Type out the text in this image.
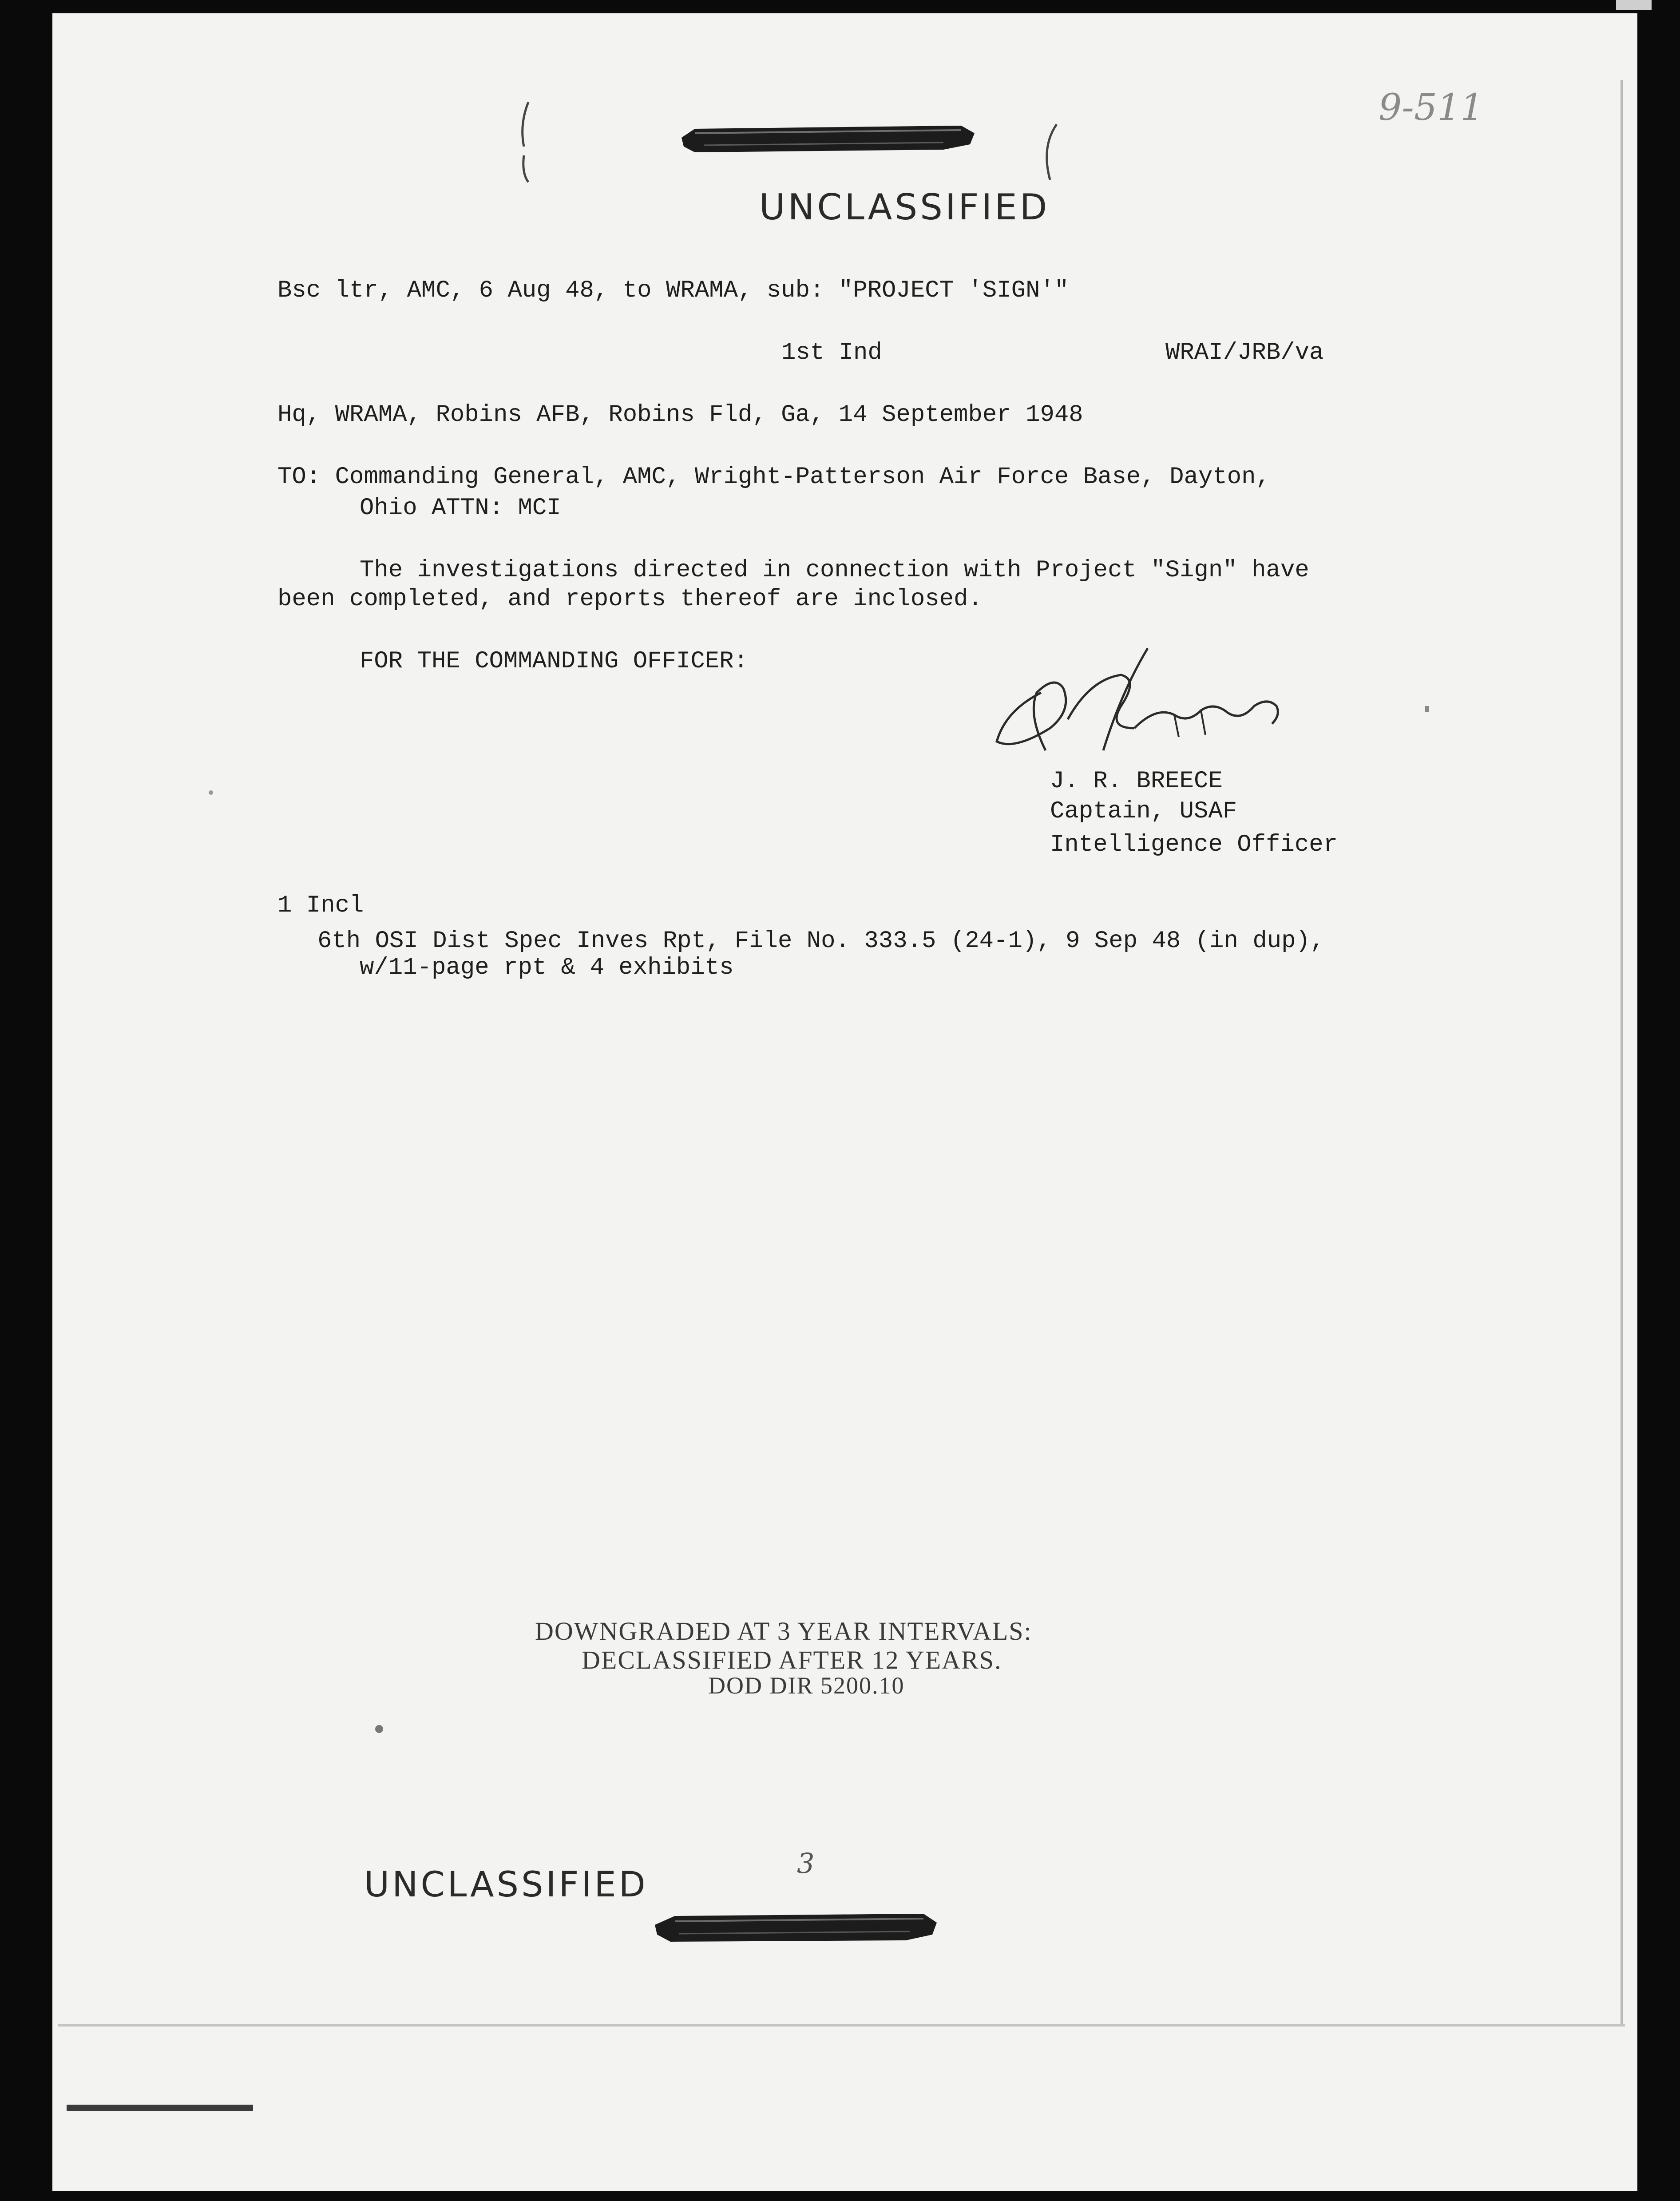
9-511
UNCLASSIFIED
Bsc ltr, AMC, 6 Aug 48, to WRAMA, sub: "PROJECT 'SIGN'"
1st Ind	WRAI/JRB/va
Hq, WRAMA, Robins AFB, Robins Fld, Ga, 14 September 1948
TO: Commanding General, AMC, Wright-Patterson Air Force Base, Dayton,
Ohio ATTN: MCI
The investigations directed in connection with Project "Sign" have
been completed, and reports thereof are inclosed.
FOR THE COMMANDING OFFICER:
J. R. BREECE
Captain, USAF
Intelligence Officer
1 Incl
6th OSI Dist Spec Inves Rpt, File No. 333.5 (24-1), 9 Sep 48 (in dup),
w/11-page rpt & 4 exhibits
DOWNGRADED AT 3 YEAR INTERVALS:
DECLASSIFIED AFTER 12 YEARS.
DOD DIR 5200.10
3
UNCLASSIFIED
